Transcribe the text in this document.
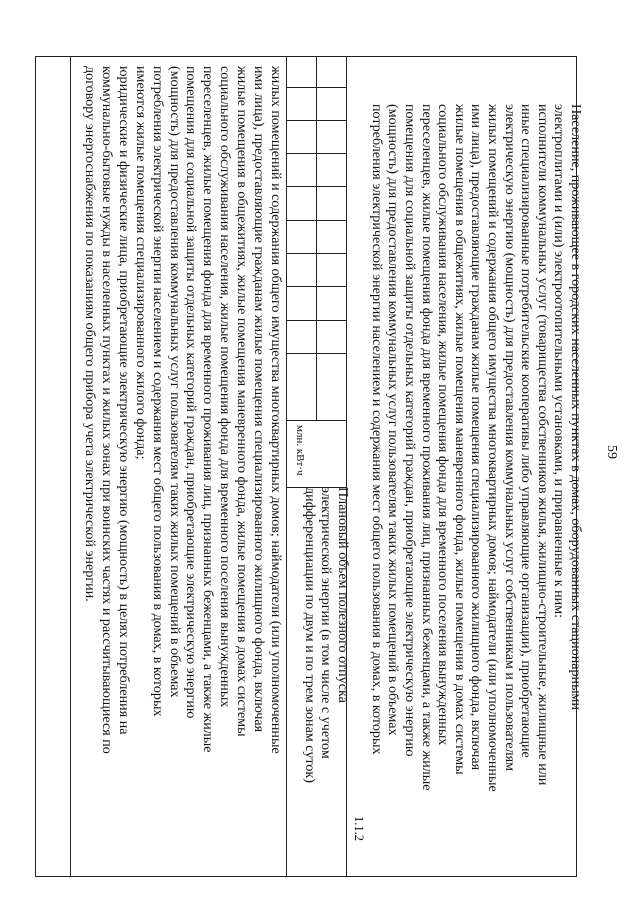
59
Плановый объем полезного отпуска
электрической энергии (в том числе с учетом
дифференциации по двум и по трем зонам суток)
млн. кВт·ч
1.1.2
Население, проживающее в городских населенных пунктах в домах, оборудованных стационарными
электроплитами и (или) электроотопительными установками, и приравненные к ним:
исполнители коммунальных услуг (товарищества собственников жилья, жилищно-строительные, жилищные или
иные специализированные потребительские кооперативы либо управляющие организации), приобретающие
электрическую энергию (мощность) для предоставления коммунальных услуг собственникам и пользователям
жилых помещений и содержания общего имущества многоквартирных домов; наймодатели (или уполномоченные
ими лица), предоставляющие гражданам жилые помещения специализированного жилищного фонда, включая
жилые помещения в общежитиях, жилые помещения маневренного фонда, жилые помещения в домах системы
социального обслуживания населения, жилые помещения фонда для временного поселения вынужденных
переселенцев, жилые помещения фонда для временного проживания лиц, признанных беженцами, а также жилые
помещения для социальной защиты отдельных категорий граждан, приобретающие электрическую энергию
(мощность) для предоставления коммунальных услуг пользователям таких жилых помещений в объемах
потребления электрической энергии населением и содержания мест общего пользования в домах, в которых
жилых помещений и содержания общего имущества многоквартирных домов; наймодатели (или уполномоченные
ими лица), предоставляющие гражданам жилые помещения специализированного жилищного фонда, включая
жилые помещения в общежитиях, жилые помещения маневренного фонда, жилые помещения в домах системы
социального обслуживания населения, жилые помещения фонда для временного поселения вынужденных
переселенцев, жилые помещения фонда для временного проживания лиц, признанных беженцами, а также жилые
помещения для социальной защиты отдельных категорий граждан, приобретающие электрическую энергию
(мощность) для предоставления коммунальных услуг пользователям таких жилых помещений в объемах
потребления электрической энергии населением и содержания мест общего пользования в домах, в которых
имеются жилые помещения специализированного жилого фонда;
юридические и физические лица, приобретающие электрическую энергию (мощность) в целях потребления на
коммунально-бытовые нужды в населенных пунктах и жилых зонах при воинских частях и рассчитывающиеся по
договору энергоснабжения по показаниям общего прибора учета электрической энергии.
